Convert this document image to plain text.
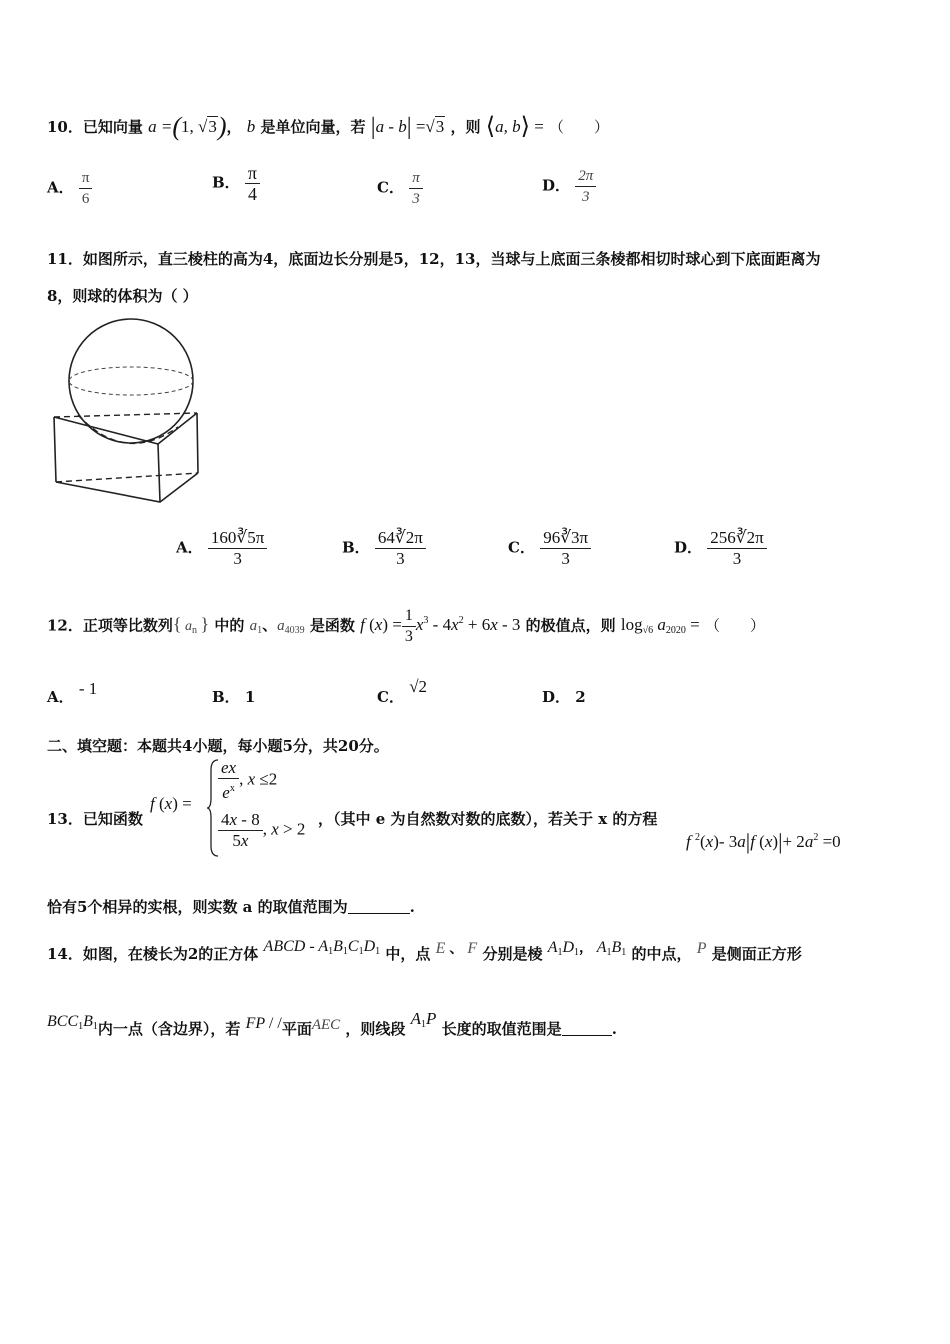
10．已知向量 a =(1, √3)， b 是单位向量，若 |a - b| =√3 ，则 ⟨a, b⟩ = （　　）
A． $\frac{\pi}{6}$	B． $\frac{\pi}{4}$	C． $\frac{\pi}{3}$	D． $\frac{2\pi}{3}$
11．如图所示，直三棱柱的高为4，底面边长分别是5，12，13，当球与上底面三条棱都相切时球心到下底面距离为
8，则球的体积为（ ）
A． $\frac{160∛5\pi}{3}$	B． $\frac{64∛2\pi}{3}$	C． $\frac{96∛3\pi}{3}$	D． $\frac{256∛2\pi}{3}$
12．正项等比数列{ $a_n$ } 中的 $a_1$、$a_{4039}$ 是函数 f $(x) = \frac{1}{3} x^3 - 4x^2 + 6x - 3$ 的极值点，则 $\log_{√6} a_{2020}$ = （　　）
A． - 1	B． 1	C． √2
D． 2
二、填空题：本题共4小题，每小题5分，共20分。
13．已知函数
f (x) =
$\frac{ex}{e^x}$ , x ≤2
$\frac{4x - 8}{5x}$ , x > 2
，（其中 e 为自然数对数的底数），若关于 x 的方程
f $^2$(x)- 3a|f $(x)|+ 2a^2 =0$
恰有5个相异的实根，则实数 a 的取值范围为	.
14．如图，在棱长为2的正方体 ABCD - $A_1B_1C_1D_1$ 中，点 E 、 F 分别是棱 $A_1D_1$， $A_1B_1$ 的中点， P 是侧面正方形
$BCC_1B_1$内一点（含边界），若 FP / /平面AEC ，则线段 $A_1P$ 长度的取值范围是	.
